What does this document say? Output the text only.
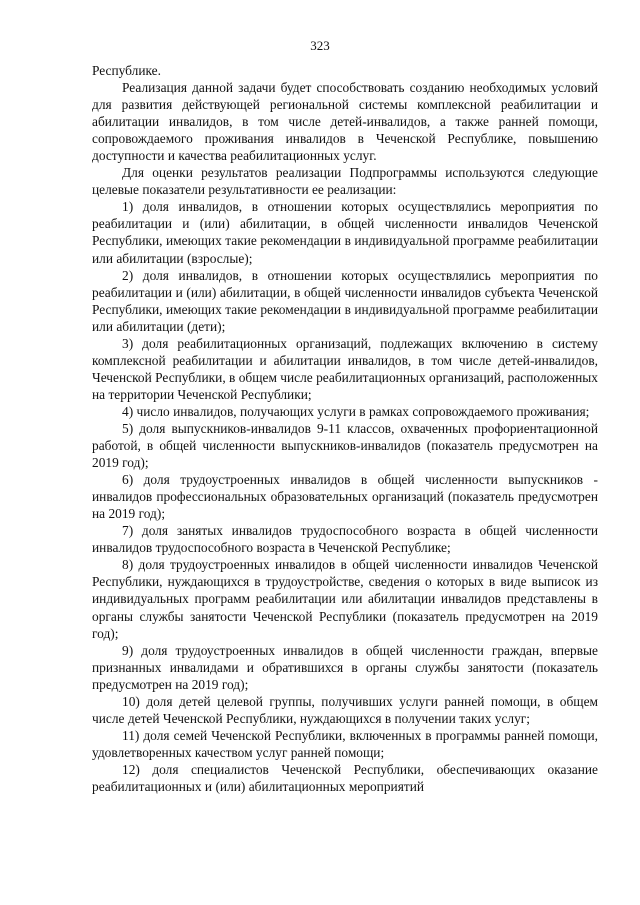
323

Республике.

Реализация данной задачи будет способствовать созданию необходимых условий для развития действующей региональной системы комплексной реабилитации и абилитации инвалидов, в том числе детей-инвалидов, а также ранней помощи, сопровождаемого проживания инвалидов в Чеченской Республике, повышению доступности и качества реабилитационных услуг.

Для оценки результатов реализации Подпрограммы используются следующие целевые показатели результативности ее реализации:

1) доля инвалидов, в отношении которых осуществлялись мероприятия по реабилитации и (или) абилитации, в общей численности инвалидов Чеченской Республики, имеющих такие рекомендации в индивидуальной программе реабилитации или абилитации (взрослые);

2) доля инвалидов, в отношении которых осуществлялись мероприятия по реабилитации и (или) абилитации, в общей численности инвалидов субъекта Чеченской Республики, имеющих такие рекомендации в индивидуальной программе реабилитации или абилитации (дети);

3) доля реабилитационных организаций, подлежащих включению в систему комплексной реабилитации и абилитации инвалидов, в том числе детей-инвалидов, Чеченской Республики, в общем числе реабилитационных организаций, расположенных на территории Чеченской Республики;

4) число инвалидов, получающих услуги в рамках сопровождаемого проживания;

5) доля выпускников-инвалидов 9-11 классов, охваченных профориентационной работой, в общей численности выпускников-инвалидов (показатель предусмотрен на 2019 год);

6) доля трудоустроенных инвалидов в общей численности выпускников - инвалидов профессиональных образовательных организаций (показатель предусмотрен на 2019 год);

7) доля занятых инвалидов трудоспособного возраста в общей численности инвалидов трудоспособного возраста в Чеченской Республике;

8) доля трудоустроенных инвалидов в общей численности инвалидов Чеченской Республики, нуждающихся в трудоустройстве, сведения о которых в виде выписок из индивидуальных программ реабилитации или абилитации инвалидов представлены в органы службы занятости Чеченской Республики (показатель предусмотрен на 2019 год);

9) доля трудоустроенных инвалидов в общей численности граждан, впервые признанных инвалидами и обратившихся в органы службы занятости (показатель предусмотрен на 2019 год);

10) доля детей целевой группы, получивших услуги ранней помощи, в общем числе детей Чеченской Республики, нуждающихся в получении таких услуг;

11) доля семей Чеченской Республики, включенных в программы ранней помощи, удовлетворенных качеством услуг ранней помощи;

12) доля специалистов Чеченской Республики, обеспечивающих оказание реабилитационных и (или) абилитационных мероприятий
